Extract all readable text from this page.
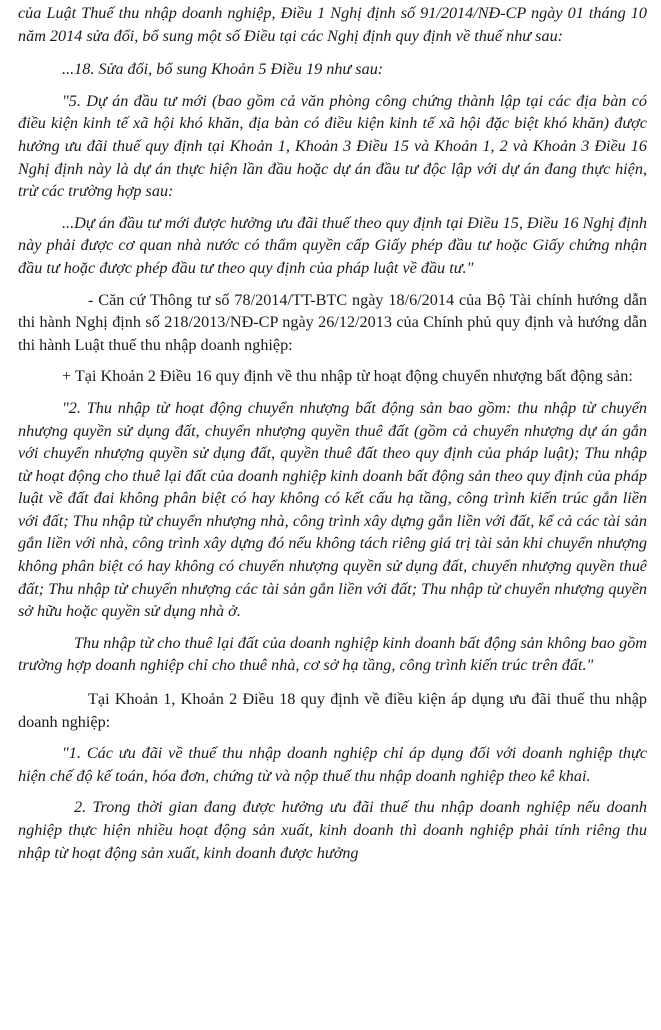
của Luật Thuế thu nhập doanh nghiệp, Điều 1 Nghị định số 91/2014/NĐ-CP ngày 01 tháng 10 năm 2014 sửa đổi, bổ sung một số Điều tại các Nghị định quy định về thuế như sau:

...18. Sửa đổi, bổ sung Khoản 5 Điều 19 như sau:

"5. Dự án đầu tư mới (bao gồm cả văn phòng công chứng thành lập tại các địa bàn có điều kiện kinh tế xã hội khó khăn, địa bàn có điều kiện kinh tế xã hội đặc biệt khó khăn) được hưởng ưu đãi thuế quy định tại Khoản 1, Khoản 3 Điều 15 và Khoản 1, 2 và Khoản 3 Điều 16 Nghị định này là dự án thực hiện lần đầu hoặc dự án đầu tư độc lập với dự án đang thực hiện, trừ các trường hợp sau:

...Dự án đầu tư mới được hưởng ưu đãi thuế theo quy định tại Điều 15, Điều 16 Nghị định này phải được cơ quan nhà nước có thẩm quyền cấp Giấy phép đầu tư hoặc Giấy chứng nhận đầu tư hoặc được phép đầu tư theo quy định của pháp luật về đầu tư."

- Căn cứ Thông tư số 78/2014/TT-BTC ngày 18/6/2014 của Bộ Tài chính hướng dẫn thi hành Nghị định số 218/2013/NĐ-CP ngày 26/12/2013 của Chính phủ quy định và hướng dẫn thi hành Luật thuế thu nhập doanh nghiệp:

+ Tại Khoản 2 Điều 16 quy định về thu nhập từ hoạt động chuyển nhượng bất động sản:

"2. Thu nhập từ hoạt động chuyển nhượng bất động sản bao gồm: thu nhập từ chuyển nhượng quyền sử dụng đất, chuyển nhượng quyền thuê đất (gồm cả chuyển nhượng dự án gắn với chuyển nhượng quyền sử dụng đất, quyền thuê đất theo quy định của pháp luật); Thu nhập từ hoạt động cho thuê lại đất của doanh nghiệp kinh doanh bất động sản theo quy định của pháp luật về đất đai không phân biệt có hay không có kết cấu hạ tầng, công trình kiến trúc gắn liền với đất; Thu nhập từ chuyển nhượng nhà, công trình xây dựng gắn liền với đất, kể cả các tài sản gắn liền với nhà, công trình xây dựng đó nếu không tách riêng giá trị tài sản khi chuyển nhượng không phân biệt có hay không có chuyển nhượng quyền sử dụng đất, chuyển nhượng quyền thuê đất; Thu nhập từ chuyển nhượng các tài sản gắn liền với đất; Thu nhập từ chuyển nhượng quyền sở hữu hoặc quyền sử dụng nhà ở.

Thu nhập từ cho thuê lại đất của doanh nghiệp kinh doanh bất động sản không bao gồm trường hợp doanh nghiệp chỉ cho thuê nhà, cơ sở hạ tầng, công trình kiến trúc trên đất."

Tại Khoản 1, Khoản 2 Điều 18 quy định về điều kiện áp dụng ưu đãi thuế thu nhập doanh nghiệp:

"1. Các ưu đãi về thuế thu nhập doanh nghiệp chỉ áp dụng đối với doanh nghiệp thực hiện chế độ kế toán, hóa đơn, chứng từ và nộp thuế thu nhập doanh nghiệp theo kê khai.

2. Trong thời gian đang được hưởng ưu đãi thuế thu nhập doanh nghiệp nếu doanh nghiệp thực hiện nhiều hoạt động sản xuất, kinh doanh thì doanh nghiệp phải tính riêng thu nhập từ hoạt động sản xuất, kinh doanh được hưởng
